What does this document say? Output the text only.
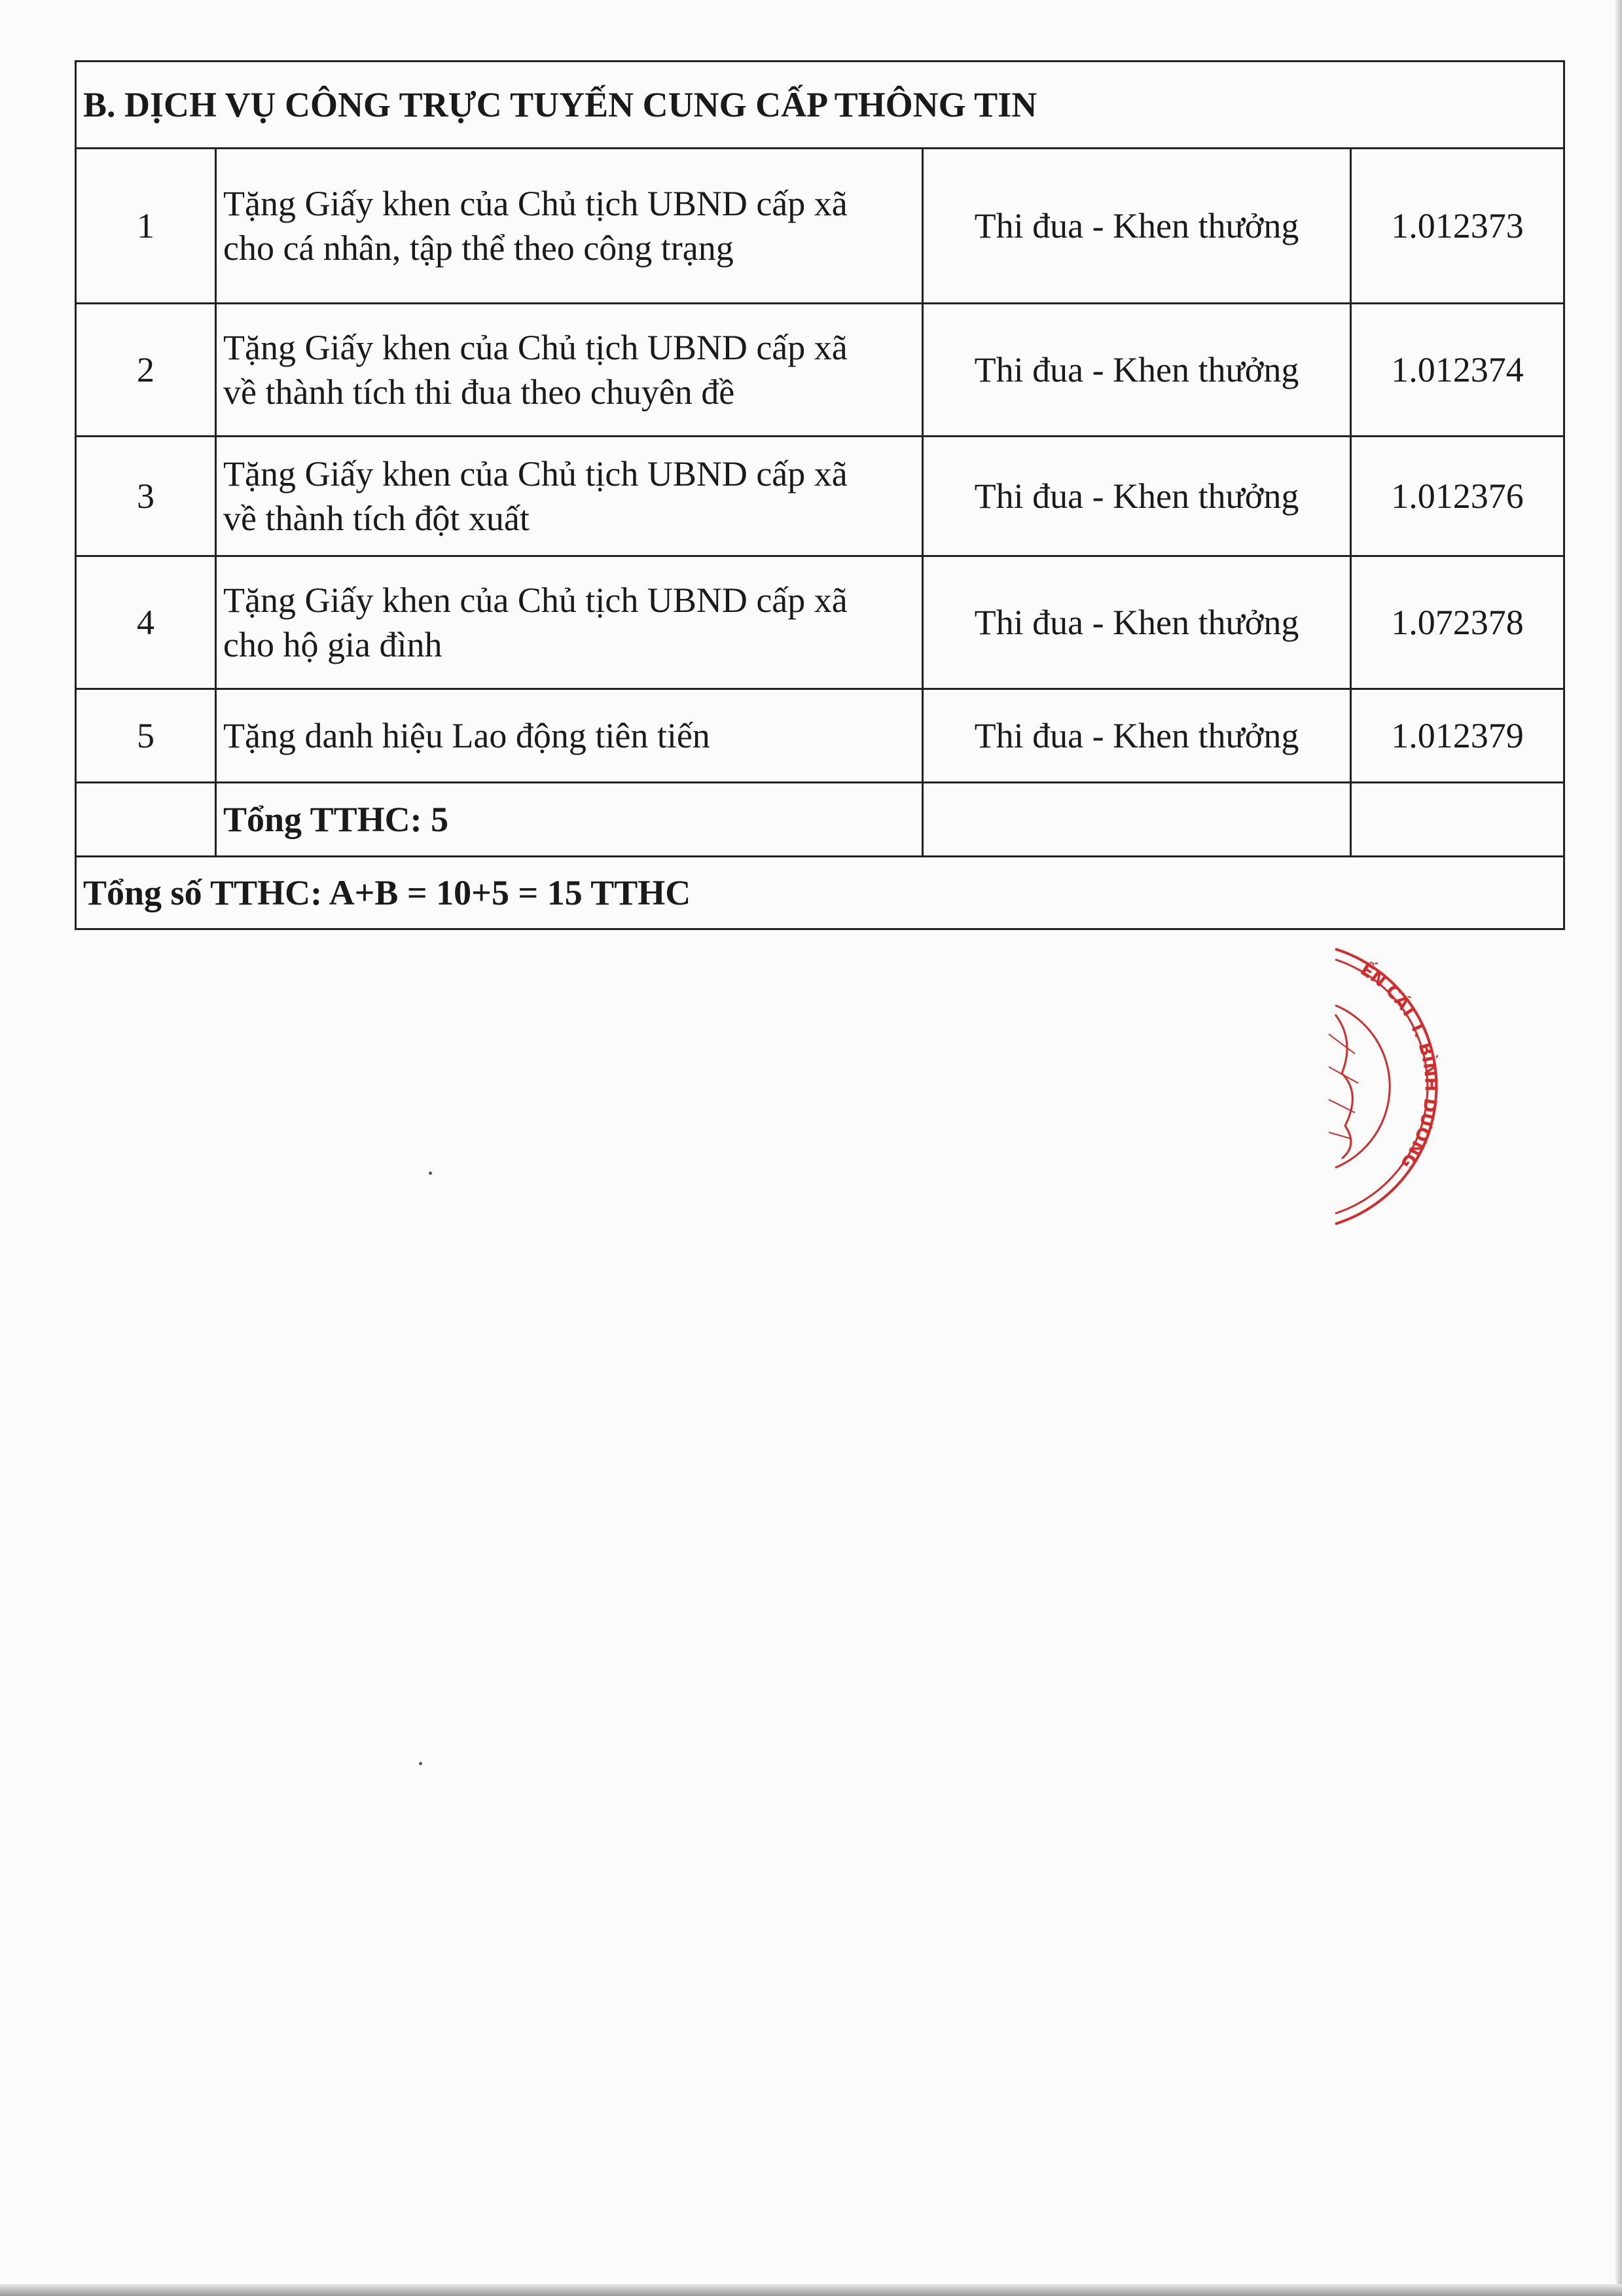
B. DỊCH VỤ CÔNG TRỰC TUYẾN CUNG CẤP THÔNG TIN			
1	Tặng Giấy khen của Chủ tịch UBND cấp xã
cho cá nhân, tập thể theo công trạng	Thi đua - Khen thưởng	1.012373
2	Tặng Giấy khen của Chủ tịch UBND cấp xã
về thành tích thi đua theo chuyên đề	Thi đua - Khen thưởng	1.012374
3	Tặng Giấy khen của Chủ tịch UBND cấp xã
về thành tích đột xuất	Thi đua - Khen thưởng	1.012376
4	Tặng Giấy khen của Chủ tịch UBND cấp xã
cho hộ gia đình	Thi đua - Khen thưởng	1.072378
5	Tặng danh hiệu Lao động tiên tiến	Thi đua - Khen thưởng	1.012379
	Tổng TTHC: 5		
Tổng số TTHC: A+B = 10+5 = 15 TTHC			
ẾN CÁT T. BÌNH DƯƠNG
